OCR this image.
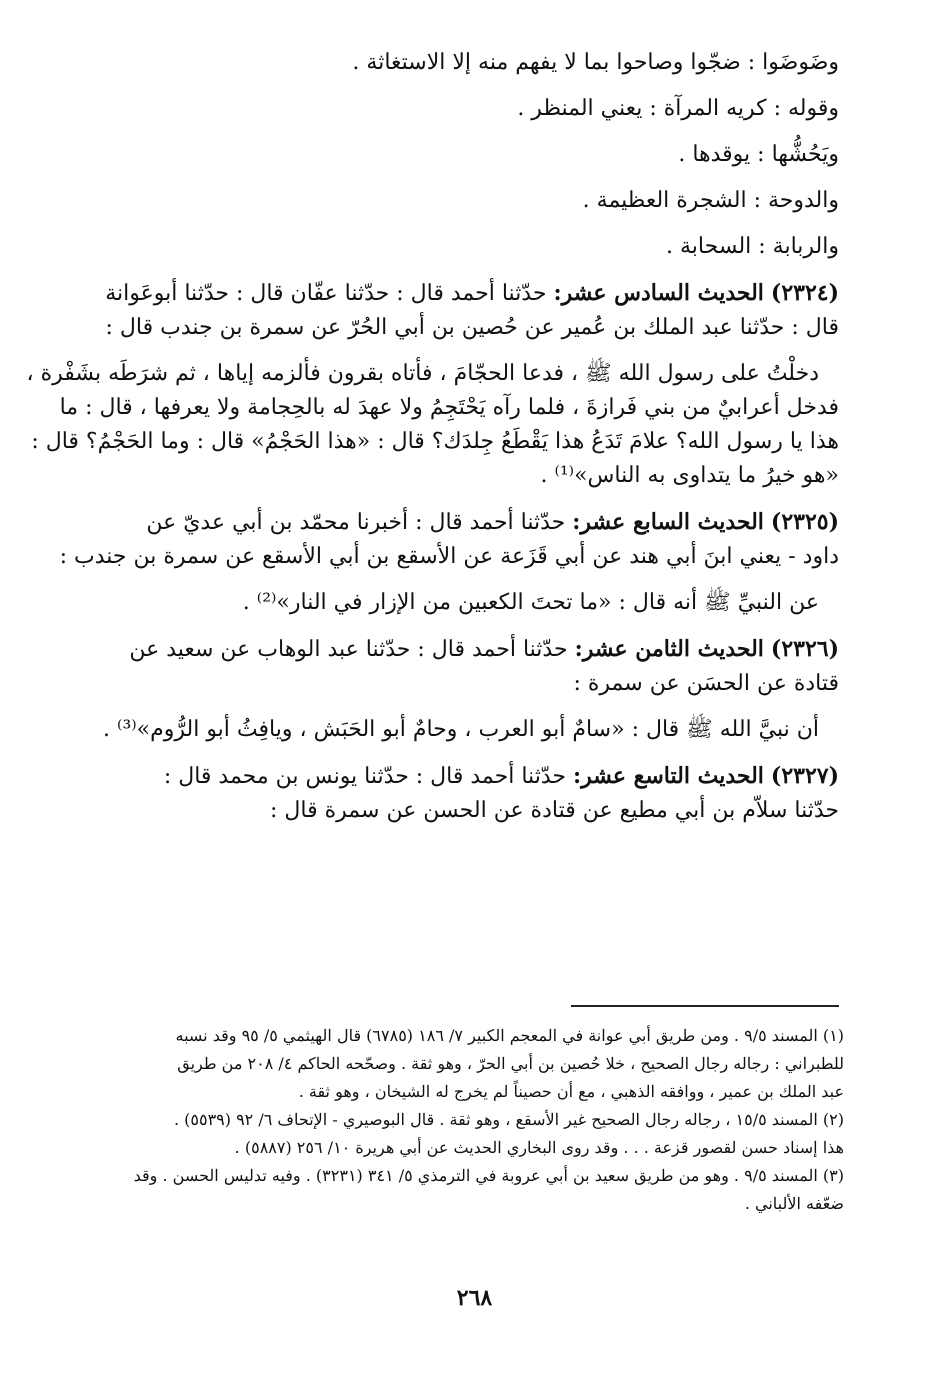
وضَوضَوا : ضجّوا وصاحوا بما لا يفهم منه إلا الاستغاثة .
وقوله : كريه المرآة : يعني المنظر .
ويَحُشُّها : يوقدها .
والدوحة : الشجرة العظيمة .
والربابة : السحابة .
(٢٣٢٤) الحديث السادس عشر: حدّثنا أحمد قال : حدّثنا عفّان قال : حدّثنا أبوعَوانة
قال : حدّثنا عبد الملك بن عُمير عن حُصين بن أبي الحُرّ عن سمرة بن جندب قال :
دخلْتُ على رسول الله ﷺ ، فدعا الحجّامَ ، فأتاه بقرون فألزمه إياها ، ثم شرَطَه بشَفْرة ،
فدخل أعرابيٌ من بني فَرازةَ ، فلما رآه يَحْتَجِمُ ولا عهدَ له بالحِجامة ولا يعرفها ، قال : ما
هذا يا رسول الله؟ علامَ تَدَعُ هذا يَقْطَعُ جِلدَك؟ قال : «هذا الحَجْمُ» قال : وما الحَجْمُ؟ قال :
«هو خيرُ ما يتداوى به الناس»⁽¹⁾ .
(٢٣٢٥) الحديث السابع عشر: حدّثنا أحمد قال : أخبرنا محمّد بن أبي عديّ عن
داود - يعني ابنَ أبي هند عن أبي قَزَعة عن الأسقع بن أبي الأسقع عن سمرة بن جندب :
عن النبيِّ ﷺ أنه قال : «ما تحتَ الكعبين من الإزار في النار»⁽²⁾ .
(٢٣٢٦) الحديث الثامن عشر: حدّثنا أحمد قال : حدّثنا عبد الوهاب عن سعيد عن
قتادة عن الحسَن عن سمرة :
أن نبيَّ الله ﷺ قال : «سامٌ أبو العرب ، وحامٌ أبو الحَبَش ، ويافِثُ أبو الرُّوم»⁽³⁾ .
(٢٣٢٧) الحديث التاسع عشر: حدّثنا أحمد قال : حدّثنا يونس بن محمد قال :
حدّثنا سلاّم بن أبي مطيع عن قتادة عن الحسن عن سمرة قال :
(١) المسند ٩/٥ . ومن طريق أبي عوانة في المعجم الكبير ٧/ ١٨٦ (٦٧٨٥) قال الهيثمي ٥/ ٩٥ وقد نسبه
للطبراني : رجاله رجال الصحيح ، خلا حُصين بن أبي الحرّ ، وهو ثقة . وصحّحه الحاكم ٤/ ٢٠٨ من طريق
عبد الملك بن عمير ، ووافقه الذهبي ، مع أن حصيناً لم يخرج له الشيخان ، وهو ثقة .
(٢) المسند ١٥/٥ ، رجاله رجال الصحيح غير الأسقع ، وهو ثقة . قال البوصيري - الإتحاف ٦/ ٩٢ (٥٥٣٩) .
هذا إسناد حسن لقصور قزعة . . . وقد روى البخاري الحديث عن أبي هريرة ١٠/ ٢٥٦ (٥٨٨٧) .
(٣) المسند ٩/٥ . وهو من طريق سعيد بن أبي عروبة في الترمذي ٥/ ٣٤١ (٣٢٣١) . وفيه تدليس الحسن . وقد
ضعّفه الألباني .
٢٦٨
